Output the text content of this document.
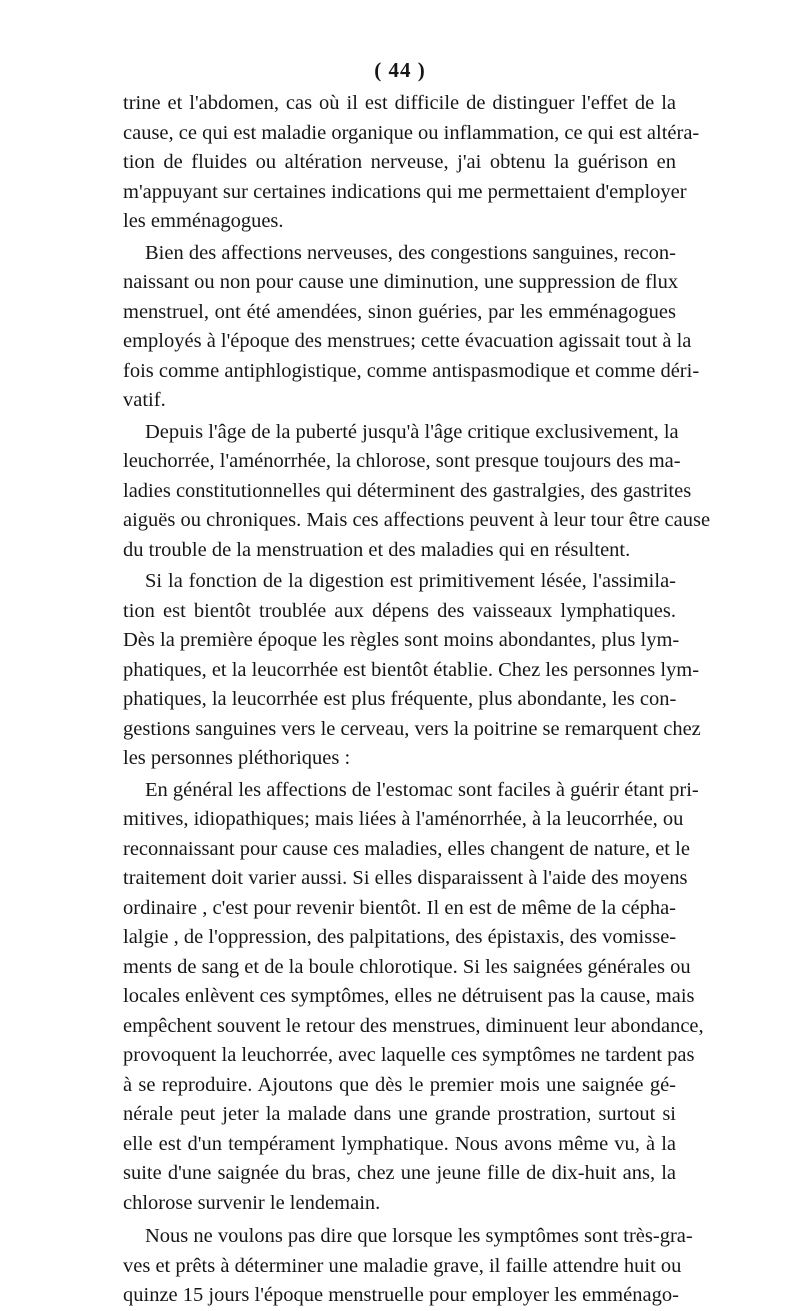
( 44 )
trine et l'abdomen, cas où il est difficile de distinguer l'effet de la
cause, ce qui est maladie organique ou inflammation, ce qui est altéra-
tion de fluides ou altération nerveuse, j'ai obtenu la guérison en
m'appuyant sur certaines indications qui me permettaient d'employer
les emménagogues.
Bien des affections nerveuses, des congestions sanguines, recon-
naissant ou non pour cause une diminution, une suppression de flux
menstruel, ont été amendées, sinon guéries, par les emménagogues
employés à l'époque des menstrues; cette évacuation agissait tout à la
fois comme antiphlogistique, comme antispasmodique et comme déri-
vatif.
Depuis l'âge de la puberté jusqu'à l'âge critique exclusivement, la
leuchorrée, l'aménorrhée, la chlorose, sont presque toujours des ma-
ladies constitutionnelles qui déterminent des gastralgies, des gastrites
aiguës ou chroniques. Mais ces affections peuvent à leur tour être cause
du trouble de la menstruation et des maladies qui en résultent.
Si la fonction de la digestion est primitivement lésée, l'assimila-
tion est bientôt troublée aux dépens des vaisseaux lymphatiques.
Dès la première époque les règles sont moins abondantes, plus lym-
phatiques, et la leucorrhée est bientôt établie. Chez les personnes lym-
phatiques, la leucorrhée est plus fréquente, plus abondante, les con-
gestions sanguines vers le cerveau, vers la poitrine se remarquent chez
les personnes pléthoriques :
En général les affections de l'estomac sont faciles à guérir étant pri-
mitives, idiopathiques; mais liées à l'aménorrhée, à la leucorrhée, ou
reconnaissant pour cause ces maladies, elles changent de nature, et le
traitement doit varier aussi. Si elles disparaissent à l'aide des moyens
ordinaire , c'est pour revenir bientôt. Il en est de même de la cépha-
lalgie , de l'oppression, des palpitations, des épistaxis, des vomisse-
ments de sang et de la boule chlorotique. Si les saignées générales ou
locales enlèvent ces symptômes, elles ne détruisent pas la cause, mais
empêchent souvent le retour des menstrues, diminuent leur abondance,
provoquent la leuchorrée, avec laquelle ces symptômes ne tardent pas
à se reproduire. Ajoutons que dès le premier mois une saignée gé-
nérale peut jeter la malade dans une grande prostration, surtout si
elle est d'un tempérament lymphatique. Nous avons même vu, à la
suite d'une saignée du bras, chez une jeune fille de dix-huit ans, la
chlorose survenir le lendemain.
Nous ne voulons pas dire que lorsque les symptômes sont très-gra-
ves et prêts à déterminer une maladie grave, il faille attendre huit ou
quinze 15 jours l'époque menstruelle pour employer les emménago-
